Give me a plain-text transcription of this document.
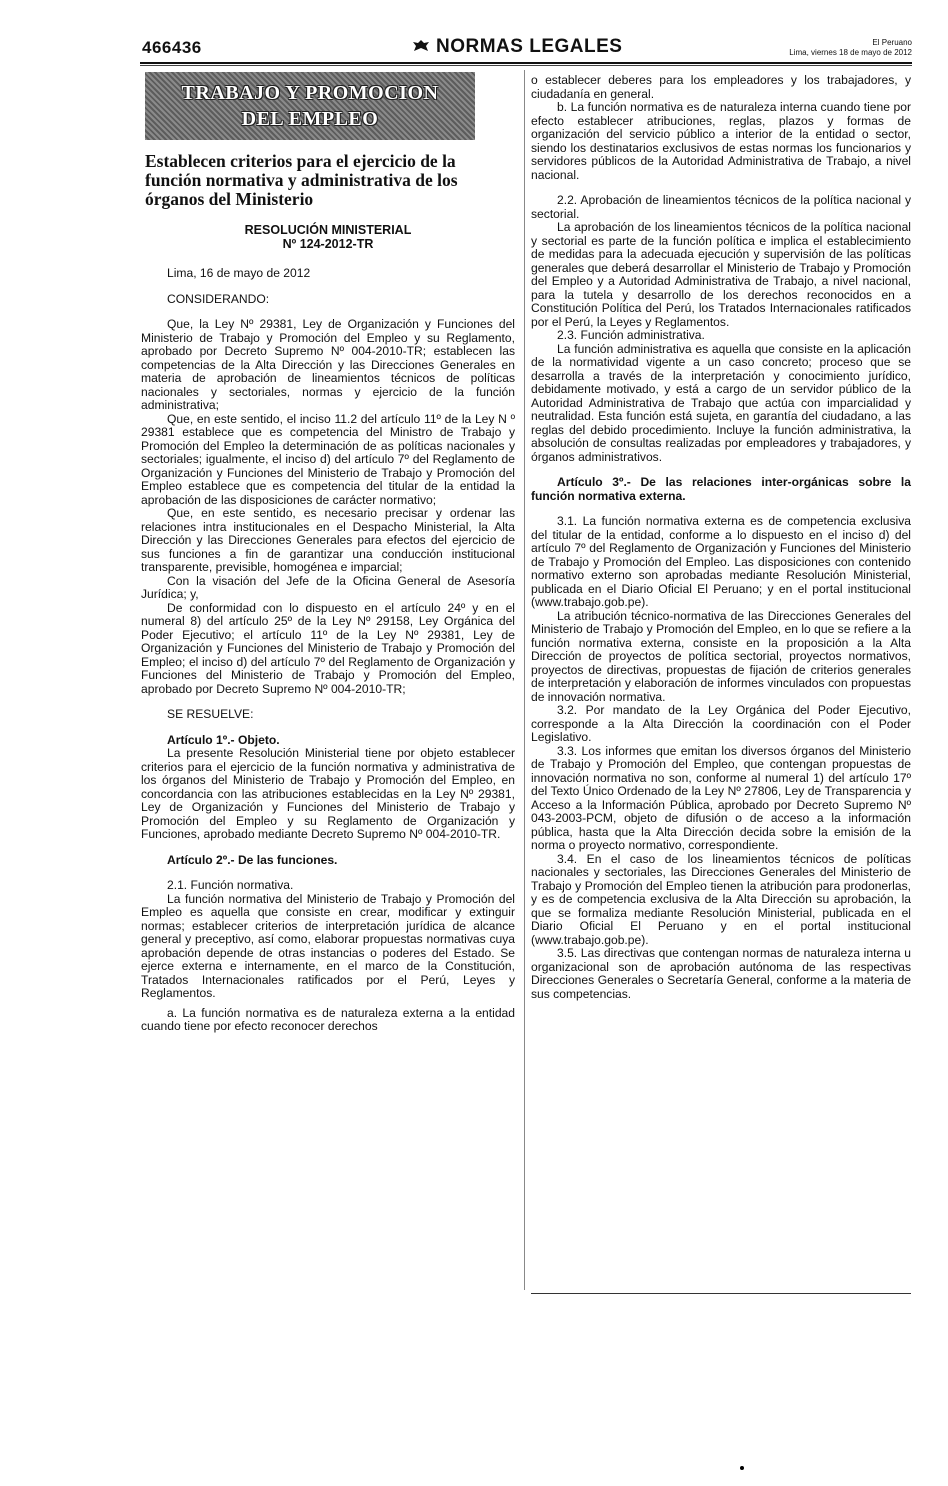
466436	NORMAS LEGALES	El Peruano
Lima, viernes 18 de mayo de 2012
TRABAJO Y PROMOCION
DEL EMPLEO
Establecen criterios para el ejercicio de la función normativa y administrativa de los órganos del Ministerio
RESOLUCIÓN MINISTERIAL
Nº 124-2012-TR
Lima, 16 de mayo de 2012
CONSIDERANDO:

Que, la Ley Nº 29381, Ley de Organización y Funciones del Ministerio de Trabajo y Promoción del Empleo y su Reglamento, aprobado por Decreto Supremo Nº 004-2010-TR; establecen las competencias de la Alta Dirección y las Direcciones Generales en materia de aprobación de lineamientos técnicos de políticas nacionales y sectoriales, normas y ejercicio de la función administrativa;

Que, en este sentido, el inciso 11.2 del artículo 11º de la Ley N º 29381 establece que es competencia del Ministro de Trabajo y Promoción del Empleo la determinación de as políticas nacionales y sectoriales; igualmente, el inciso d) del artículo 7º del Reglamento de Organización y Funciones del Ministerio de Trabajo y Promoción del Empleo establece que es competencia del titular de la entidad la aprobación de las disposiciones de carácter normativo;

Que, en este sentido, es necesario precisar y ordenar las relaciones intra institucionales en el Despacho Ministerial, la Alta Dirección y las Direcciones Generales para efectos del ejercicio de sus funciones a fin de garantizar una conducción institucional transparente, previsible, homogénea e imparcial;

Con la visación del Jefe de la Oficina General de Asesoría Jurídica; y,

De conformidad con lo dispuesto en el artículo 24º y en el numeral 8) del artículo 25º de la Ley Nº 29158, Ley Orgánica del Poder Ejecutivo; el artículo 11º de la Ley Nº 29381, Ley de Organización y Funciones del Ministerio de Trabajo y Promoción del Empleo; el inciso d) del artículo 7º del Reglamento de Organización y Funciones del Ministerio de Trabajo y Promoción del Empleo, aprobado por Decreto Supremo Nº 004-2010-TR;

SE RESUELVE:

Artículo 1º.- Objeto.

La presente Resolución Ministerial tiene por objeto establecer criterios para el ejercicio de la función normativa y administrativa de los órganos del Ministerio de Trabajo y Promoción del Empleo, en concordancia con las atribuciones establecidas en la Ley Nº 29381, Ley de Organización y Funciones del Ministerio de Trabajo y Promoción del Empleo y su Reglamento de Organización y Funciones, aprobado mediante Decreto Supremo Nº 004-2010-TR.

Artículo 2º.- De las funciones.

2.1. Función normativa.

La función normativa del Ministerio de Trabajo y Promoción del Empleo es aquella que consiste en crear, modificar y extinguir normas; establecer criterios de interpretación jurídica de alcance general y preceptivo, así como, elaborar propuestas normativas cuya aprobación depende de otras instancias o poderes del Estado. Se ejerce externa e internamente, en el marco de la Constitución, Tratados Internacionales ratificados por el Perú, Leyes y Reglamentos.

a. La función normativa es de naturaleza externa a la entidad cuando tiene por efecto reconocer derechos

o establecer deberes para los empleadores y los trabajadores, y ciudadanía en general.

b. La función normativa es de naturaleza interna cuando tiene por efecto establecer atribuciones, reglas, plazos y formas de organización del servicio público a interior de la entidad o sector, siendo los destinatarios exclusivos de estas normas los funcionarios y servidores públicos de la Autoridad Administrativa de Trabajo, a nivel nacional.

2.2. Aprobación de lineamientos técnicos de la política nacional y sectorial.

La aprobación de los lineamientos técnicos de la política nacional y sectorial es parte de la función política e implica el establecimiento de medidas para la adecuada ejecución y supervisión de las políticas generales que deberá desarrollar el Ministerio de Trabajo y Promoción del Empleo y a Autoridad Administrativa de Trabajo, a nivel nacional, para la tutela y desarrollo de los derechos reconocidos en a Constitución Política del Perú, los Tratados Internacionales ratificados por el Perú, la Leyes y Reglamentos.

2.3. Función administrativa.

La función administrativa es aquella que consiste en la aplicación de la normatividad vigente a un caso concreto; proceso que se desarrolla a través de la interpretación y conocimiento jurídico, debidamente motivado, y está a cargo de un servidor público de la Autoridad Administrativa de Trabajo que actúa con imparcialidad y neutralidad. Esta función está sujeta, en garantía del ciudadano, a las reglas del debido procedimiento. Incluye la función administrativa, la absolución de consultas realizadas por empleadores y trabajadores, y órganos administrativos.

Artículo 3º.- De las relaciones inter-orgánicas sobre la función normativa externa.

3.1. La función normativa externa es de competencia exclusiva del titular de la entidad, conforme a lo dispuesto en el inciso d) del artículo 7º del Reglamento de Organización y Funciones del Ministerio de Trabajo y Promoción del Empleo. Las disposiciones con contenido normativo externo son aprobadas mediante Resolución Ministerial, publicada en el Diario Oficial El Peruano; y en el portal institucional (www.trabajo.gob.pe).

La atribución técnico-normativa de las Direcciones Generales del Ministerio de Trabajo y Promoción del Empleo, en lo que se refiere a la función normativa externa, consiste en la proposición a la Alta Dirección de proyectos de política sectorial, proyectos normativos, proyectos de directivas, propuestas de fijación de criterios generales de interpretación y elaboración de informes vinculados con propuestas de innovación normativa.

3.2. Por mandato de la Ley Orgánica del Poder Ejecutivo, corresponde a la Alta Dirección la coordinación con el Poder Legislativo.

3.3. Los informes que emitan los diversos órganos del Ministerio de Trabajo y Promoción del Empleo, que contengan propuestas de innovación normativa no son, conforme al numeral 1) del artículo 17º del Texto Único Ordenado de la Ley Nº 27806, Ley de Transparencia y Acceso a la Información Pública, aprobado por Decreto Supremo Nº 043-2003-PCM, objeto de difusión o de acceso a la información pública, hasta que la Alta Dirección decida sobre la emisión de la norma o proyecto normativo, correspondiente.

3.4. En el caso de los lineamientos técnicos de políticas nacionales y sectoriales, las Direcciones Generales del Ministerio de Trabajo y Promoción del Empleo tienen la atribución para prodonerlas, y es de competencia exclusiva de la Alta Dirección su aprobación, la que se formaliza mediante Resolución Ministerial, publicada en el Diario Oficial El Peruano y en el portal institucional (www.trabajo.gob.pe).

3.5. Las directivas que contengan normas de naturaleza interna u organizacional son de aprobación autónoma de las respectivas Direcciones Generales o Secretaría General, conforme a la materia de sus competencias.
